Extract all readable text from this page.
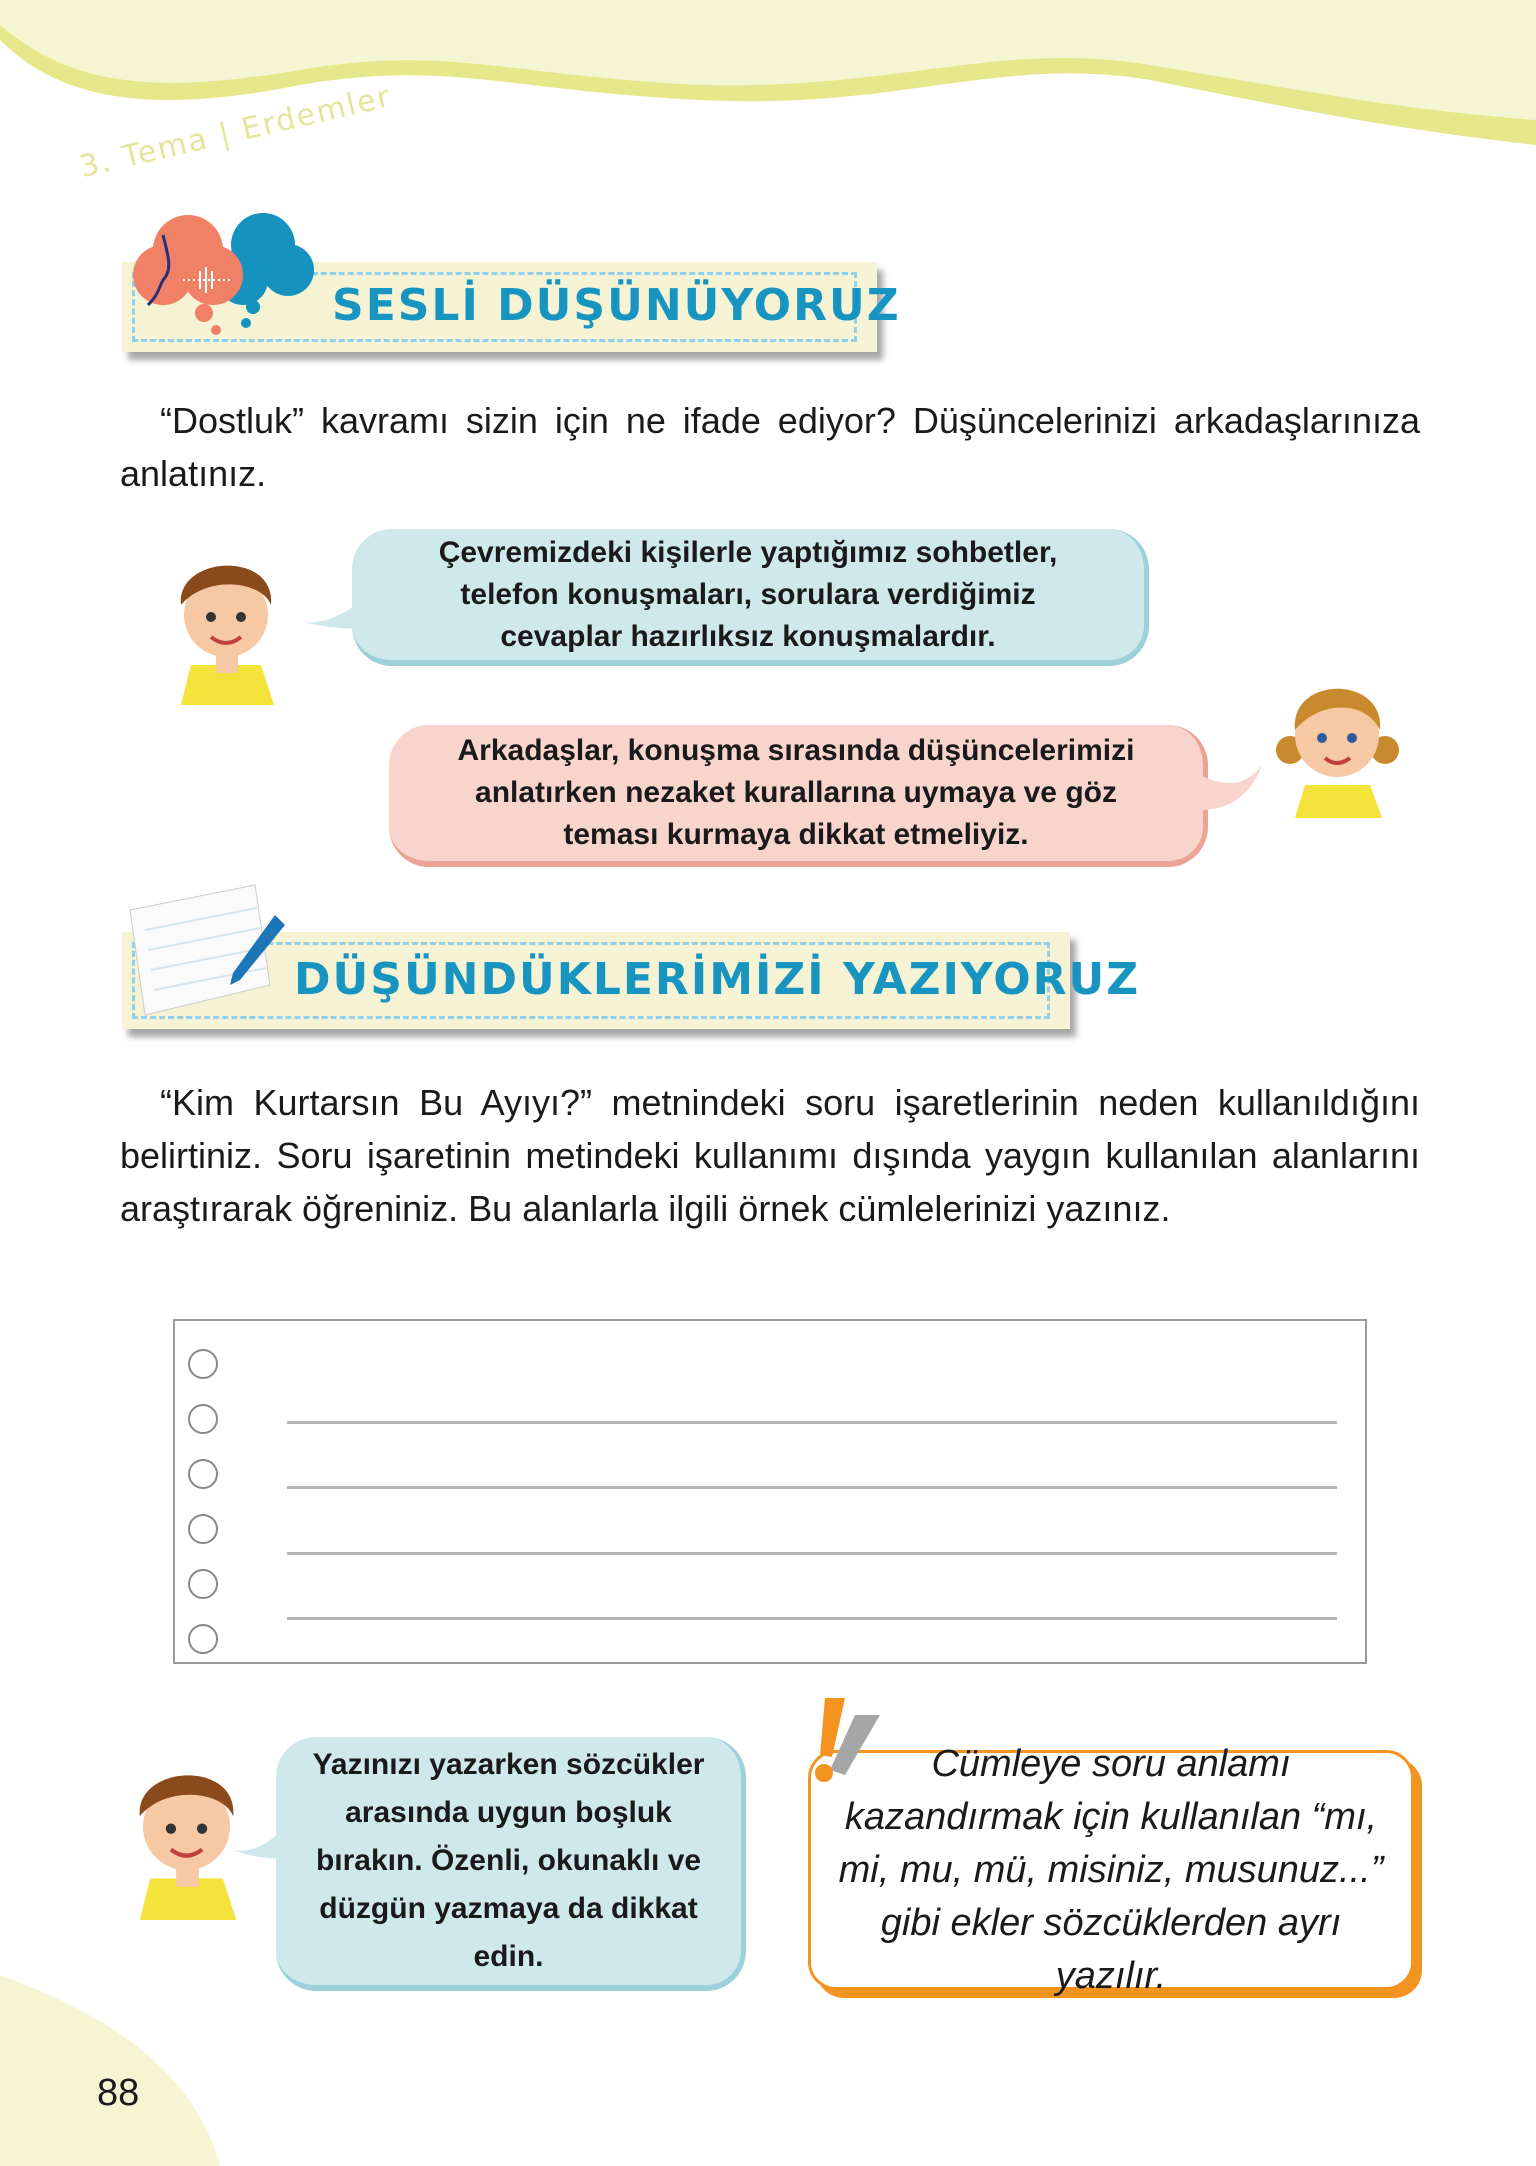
3. Tema | Erdemler
SESLİ DÜŞÜNÜYORUZ

“Dostluk” kavramı sizin için ne ifade ediyor? Düşüncelerinizi arkadaşlarınıza anlatınız.

Çevremizdeki kişilerle yaptığımız sohbetler, telefon konuşmaları, sorulara verdiğimiz cevaplar hazırlıksız konuşmalardır.
Arkadaşlar, konuşma sırasında düşüncelerimizi anlatırken nezaket kurallarına uymaya ve göz teması kurmaya dikkat etmeliyiz.
DÜŞÜNDÜKLERİMİZİ YAZIYORUZ

“Kim Kurtarsın Bu Ayıyı?” metnindeki soru işaretlerinin neden kullanıldığını belirtiniz. Soru işaretinin metindeki kullanımı dışında yaygın kullanılan alanlarını araştırarak öğreniniz. Bu alanlarla ilgili örnek cümlelerinizi yazınız.

Yazınızı yazarken sözcükler arasında uygun boşluk bırakın. Özenli, okunaklı ve düzgün yazmaya da dikkat edin.
Cümleye soru anlamı kazandırmak için kullanılan “mı, mi, mu, mü, misiniz, musunuz...” gibi ekler sözcüklerden ayrı yazılır.
88
